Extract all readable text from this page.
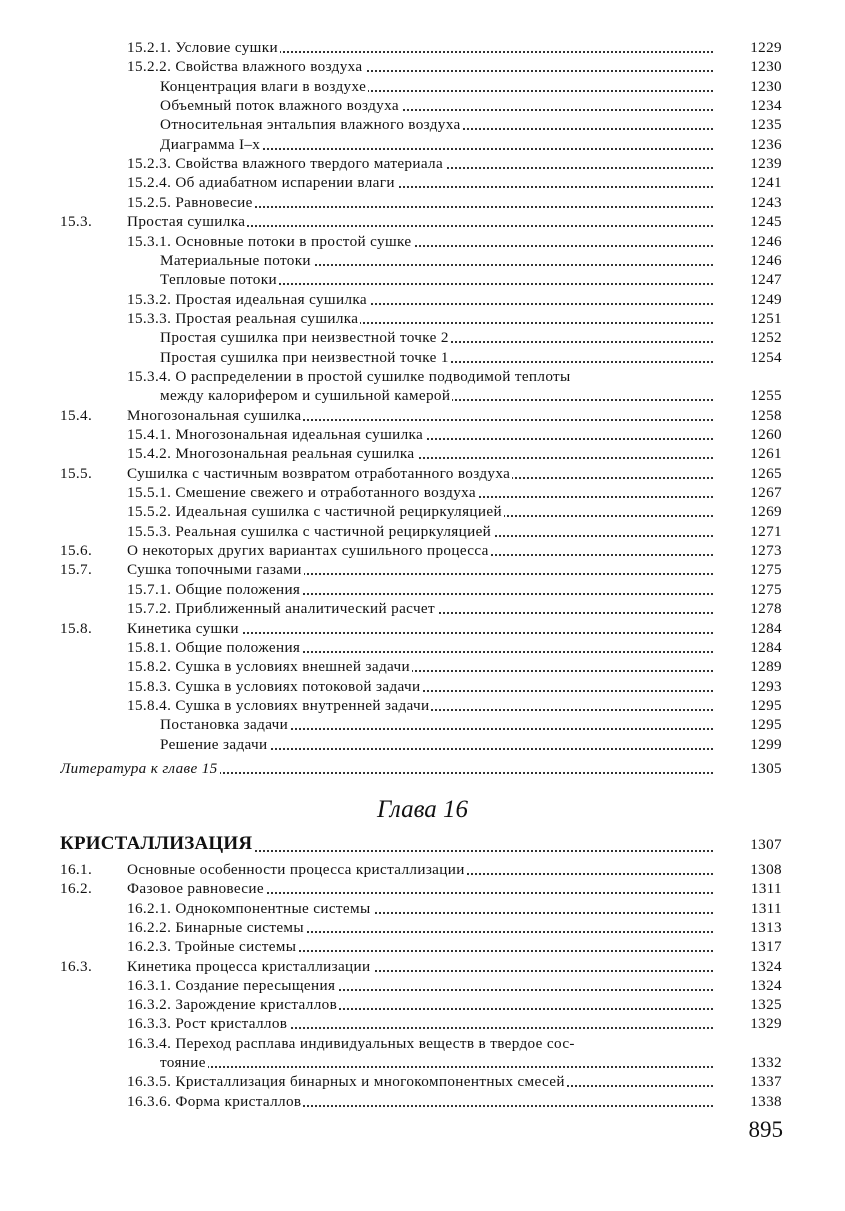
15.2.1. Условие сушки	1229
15.2.2. Свойства влажного воздуха	1230
Концентрация влаги в воздухе	1230
Объемный поток влажного воздуха	1234
Относительная энтальпия влажного воздуха	1235
Диаграмма I–x	1236
15.2.3. Свойства влажного твердого материала	1239
15.2.4. Об адиабатном испарении влаги	1241
15.2.5. Равновесие	1243
15.3. Простая сушилка	1245
15.3.1. Основные потоки в простой сушке	1246
Материальные потоки	1246
Тепловые потоки	1247
15.3.2. Простая идеальная сушилка	1249
15.3.3. Простая реальная сушилка	1251
Простая сушилка при неизвестной точке 2	1252
Простая сушилка при неизвестной точке 1	1254
15.3.4. О распределении в простой сушилке подводимой теплоты
между калорифером и сушильной камерой	1255
15.4. Многозональная сушилка	1258
15.4.1. Многозональная идеальная сушилка	1260
15.4.2. Многозональная реальная сушилка	1261
15.5. Сушилка с частичным возвратом отработанного воздуха	1265
15.5.1. Смешение свежего и отработанного воздуха	1267
15.5.2. Идеальная сушилка с частичной рециркуляцией	1269
15.5.3. Реальная сушилка с частичной рециркуляцией	1271
15.6. О некоторых других вариантах сушильного процесса	1273
15.7. Сушка топочными газами	1275
15.7.1. Общие положения	1275
15.7.2. Приближенный аналитический расчет	1278
15.8. Кинетика сушки	1284
15.8.1. Общие положения	1284
15.8.2. Сушка в условиях внешней задачи	1289
15.8.3. Сушка в условиях потоковой задачи	1293
15.8.4. Сушка в условиях внутренней задачи	1295
Постановка задачи	1295
Решение задачи	1299
Литература к главе 15	1305
Глава 16
КРИСТАЛЛИЗАЦИЯ	1307
16.1. Основные особенности процесса кристаллизации	1308
16.2. Фазовое равновесие	1311
16.2.1. Однокомпонентные системы	1311
16.2.2. Бинарные системы	1313
16.2.3. Тройные системы	1317
16.3. Кинетика процесса кристаллизации	1324
16.3.1. Создание пересыщения	1324
16.3.2. Зарождение кристаллов	1325
16.3.3. Рост кристаллов	1329
16.3.4. Переход расплава индивидуальных веществ в твердое сос-
тояние	1332
16.3.5. Кристаллизация бинарных и многокомпонентных смесей	1337
16.3.6. Форма кристаллов	1338
895
